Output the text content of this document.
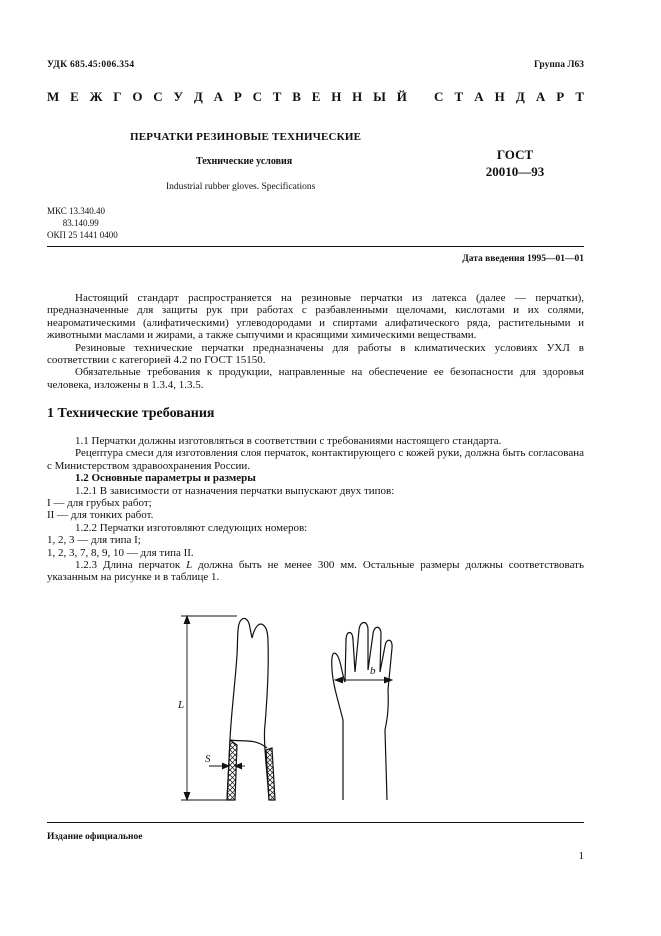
УДК 685.45:006.354	Группа Л63
М Е Ж Г О С У Д А Р С Т В Е Н Н Ы Й С Т А Н Д А Р Т
ПЕРЧАТКИ РЕЗИНОВЫЕ ТЕХНИЧЕСКИЕ
Технические условия	ГОСТ
20010—93
Industrial rubber gloves. Specifications
МКС 13.340.40
83.140.99
ОКП 25 1441 0400
Дата введения 1995—01—01

Настоящий стандарт распространяется на резиновые перчатки из латекса (далее — перчатки), предназначенные для защиты рук при работах с разбавленными щелочами, кислотами и их солями, неароматическими (алифатическими) углеводородами и спиртами алифатического ряда, растительными и животными маслами и жирами, а также сыпучими и красящими химическими веществами.

Резиновые технические перчатки предназначены для работы в климатических условиях УХЛ в соответствии с категорией 4.2 по ГОСТ 15150.

Обязательные требования к продукции, направленные на обеспечение ее безопасности для здоровья человека, изложены в 1.3.4, 1.3.5.

1 Технические требования

1.1 Перчатки должны изготовляться в соответствии с требованиями настоящего стандарта.

Рецептура смеси для изготовления слоя перчаток, контактирующего с кожей руки, должна быть согласована с Министерством здравоохранения России.

1.2 Основные параметры и размеры

1.2.1 В зависимости от назначения перчатки выпускают двух типов:

I — для грубых работ;

II — для тонких работ.

1.2.2 Перчатки изготовляют следующих номеров:

1, 2, 3 — для типа I;

1, 2, 3, 7, 8, 9, 10 — для типа II.

1.2.3 Длина перчаток L должна быть не менее 300 мм. Остальные размеры должны соответствовать указанным на рисунке и в таблице 1.

L
S
b
Издание официальное
1
